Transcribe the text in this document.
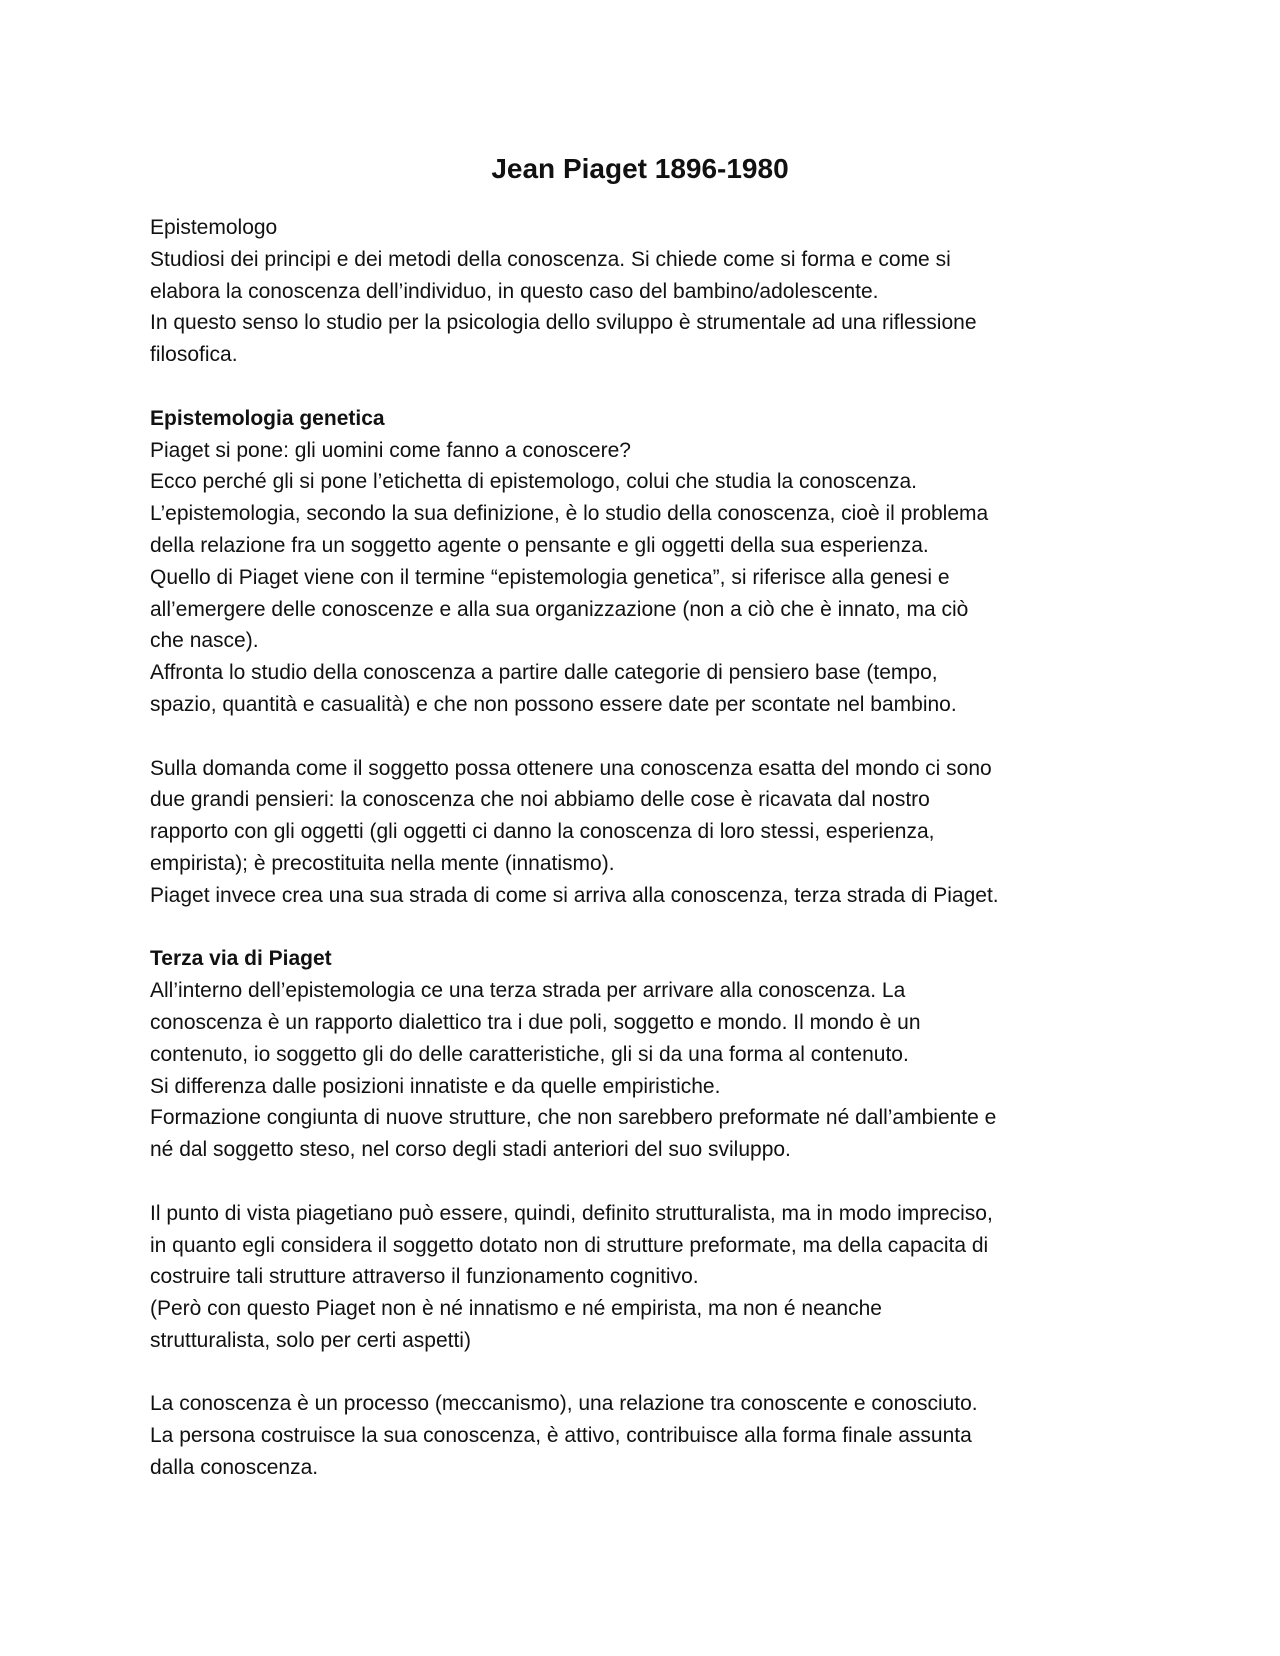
Jean Piaget 1896-1980
Epistemologo
Studiosi dei principi e dei metodi della conoscenza. Si chiede come si forma e come si
elabora la conoscenza dell’individuo, in questo caso del bambino/adolescente.
In questo senso lo studio per la psicologia dello sviluppo è strumentale ad una riflessione
filosofica.
Epistemologia genetica
Piaget si pone: gli uomini come fanno a conoscere?
Ecco perché gli si pone l’etichetta di epistemologo, colui che studia la conoscenza.
L’epistemologia, secondo la sua definizione, è lo studio della conoscenza, cioè il problema
della relazione fra un soggetto agente o pensante e gli oggetti della sua esperienza.
Quello di Piaget viene con il termine “epistemologia genetica”, si riferisce alla genesi e
all’emergere delle conoscenze e alla sua organizzazione (non a ciò che è innato, ma ciò
che nasce).
Affronta lo studio della conoscenza a partire dalle categorie di pensiero base (tempo,
spazio, quantità e casualità) e che non possono essere date per scontate nel bambino.
Sulla domanda come il soggetto possa ottenere una conoscenza esatta del mondo ci sono
due grandi pensieri: la conoscenza che noi abbiamo delle cose è ricavata dal nostro
rapporto con gli oggetti (gli oggetti ci danno la conoscenza di loro stessi, esperienza,
empirista); è precostituita nella mente (innatismo).
Piaget invece crea una sua strada di come si arriva alla conoscenza, terza strada di Piaget.
Terza via di Piaget
All’interno dell’epistemologia ce una terza strada per arrivare alla conoscenza. La
conoscenza è un rapporto dialettico tra i due poli, soggetto e mondo. Il mondo è un
contenuto, io soggetto gli do delle caratteristiche, gli si da una forma al contenuto.
Si differenza dalle posizioni innatiste e da quelle empiristiche.
Formazione congiunta di nuove strutture, che non sarebbero preformate né dall’ambiente e
né dal soggetto steso, nel corso degli stadi anteriori del suo sviluppo.
Il punto di vista piagetiano può essere, quindi, definito strutturalista, ma in modo impreciso,
in quanto egli considera il soggetto dotato non di strutture preformate, ma della capacita di
costruire tali strutture attraverso il funzionamento cognitivo.
(Però con questo Piaget non è né innatismo e né empirista, ma non é neanche
strutturalista, solo per certi aspetti)
La conoscenza è un processo (meccanismo), una relazione tra conoscente e conosciuto.
La persona costruisce la sua conoscenza, è attivo, contribuisce alla forma finale assunta
dalla conoscenza.
